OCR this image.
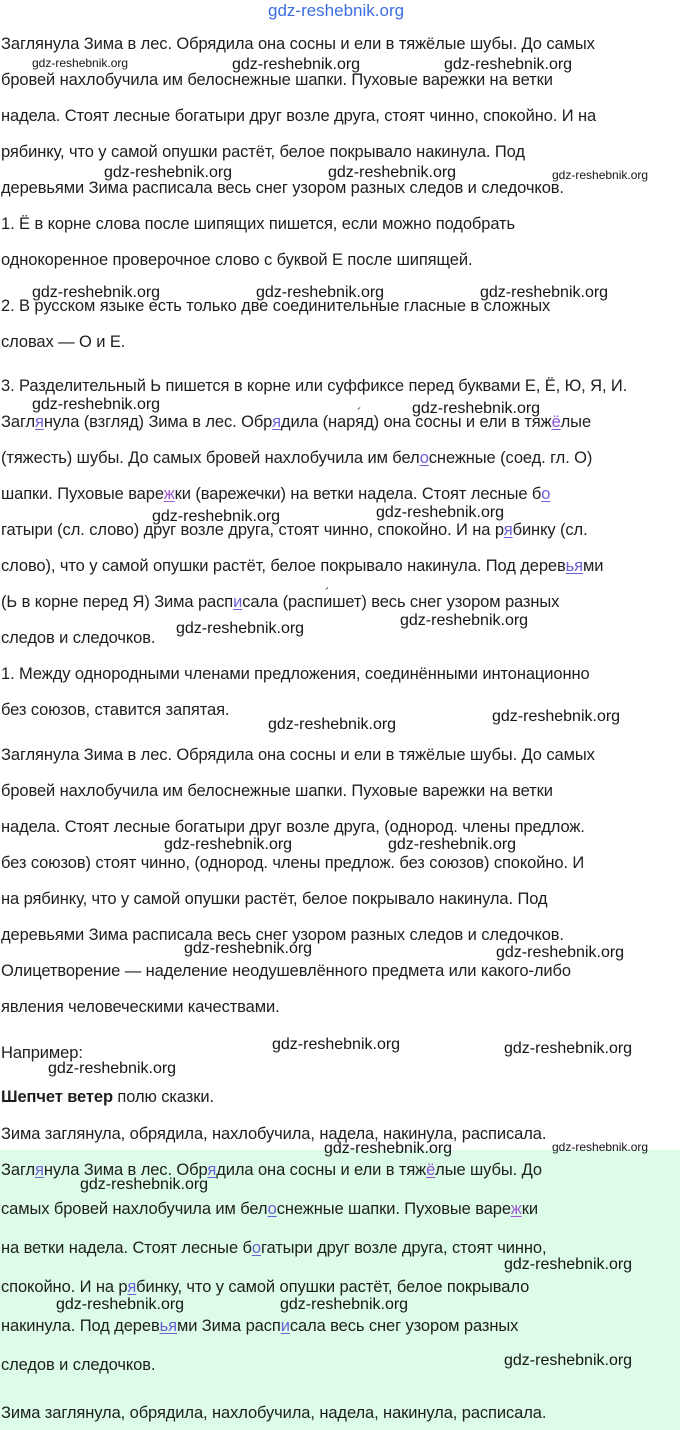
Заглянула Зима в лес. Обрядила она сосны и ели в тяжёлые шубы. До самых
бровей нахлобучила им белоснежные шапки. Пуховые варежки на ветки
надела. Стоят лесные богатыри друг возле друга, стоят чинно, спокойно. И на
рябинку, что у самой опушки растёт, белое покрывало накинула. Под
деревьями Зима расписала весь снег узором разных следов и следочков.
1. Ё в корне слова после шипящих пишется, если можно подобрать
однокоренное проверочное слово с буквой Е после шипящей.
2. В русском языке есть только две соединительные гласные в сложных
словах — О и Е.
3. Разделительный Ь пишется в корне или суффиксе перед буквами Е, Ё, Ю, Я, И.
Заглянула (взгля ´д) Зима в лес. Обрядила (наря ´д) она сосны и ели в тяжёлые
(тяжесть) шубы. До самых бровей нахлобучила им белоснежные (соед. гл. О)
шапки. Пуховые варежки (варежечки) на ветки надела. Стоят лесные бо
гатыри (сл. слово) друг возле друга, стоят чинно, спокойно. И на рябинку (сл.
слово), что у самой опушки растёт, белое покрывало накинула. Под деревьями
(Ь в корне перед Я) Зима расписала (распи ´шет) весь снег узором разных
следов и следочков.
1. Между однородными членами предложения, соединёнными интонационно
без союзов, ставится запятая.
Заглянула Зима в лес. Обрядила она сосны и ели в тяжёлые шубы. До самых
бровей нахлобучила им белоснежные шапки. Пуховые варежки на ветки
надела. Стоят лесные богатыри друг возле друга, (однород. члены предлож.
без союзов) стоят чинно, (однород. члены предлож. без союзов) спокойно. И
на рябинку, что у самой опушки растёт, белое покрывало накинула. Под
деревьями Зима расписала весь снег узором разных следов и следочков.
Олицетворение — наделение неодушевлённого предмета или какого-либо
явления человеческими качествами.
Например:
Шепчет ветер полю сказки.
Зима заглянула, обрядила, нахлобучила, надела, накинула, расписала.
Заглянула Зима в лес. Обрядила она сосны и ели в тяжёлые шубы. До
самых бровей нахлобучила им белоснежные шапки. Пуховые варежки
на ветки надела. Стоят лесные богатыри друг возле друга, стоят чинно,
спокойно. И на рябинку, что у самой опушки растёт, белое покрывало
накинула. Под деревьями Зима расписала весь снег узором разных
следов и следочков.
Зима заглянула, обрядила, нахлобучила, надела, накинула, расписала.
gdz-reshebnik.org
gdz-reshebnik.org	gdz-reshebnik.org	gdz-reshebnik.org
gdz-reshebnik.org	gdz-reshebnik.org	gdz-reshebnik.org
gdz-reshebnik.org	gdz-reshebnik.org	gdz-reshebnik.org
gdz-reshebnik.org	gdz-reshebnik.org
gdz-reshebnik.org	gdz-reshebnik.org
gdz-reshebnik.org	gdz-reshebnik.org
gdz-reshebnik.org	gdz-reshebnik.org
gdz-reshebnik.org	gdz-reshebnik.org
gdz-reshebnik.org	gdz-reshebnik.org
gdz-reshebnik.org	gdz-reshebnik.org
gdz-reshebnik.org
gdz-reshebnik.org	gdz-reshebnik.org
gdz-reshebnik.org
gdz-reshebnik.org
gdz-reshebnik.org	gdz-reshebnik.org
gdz-reshebnik.org
